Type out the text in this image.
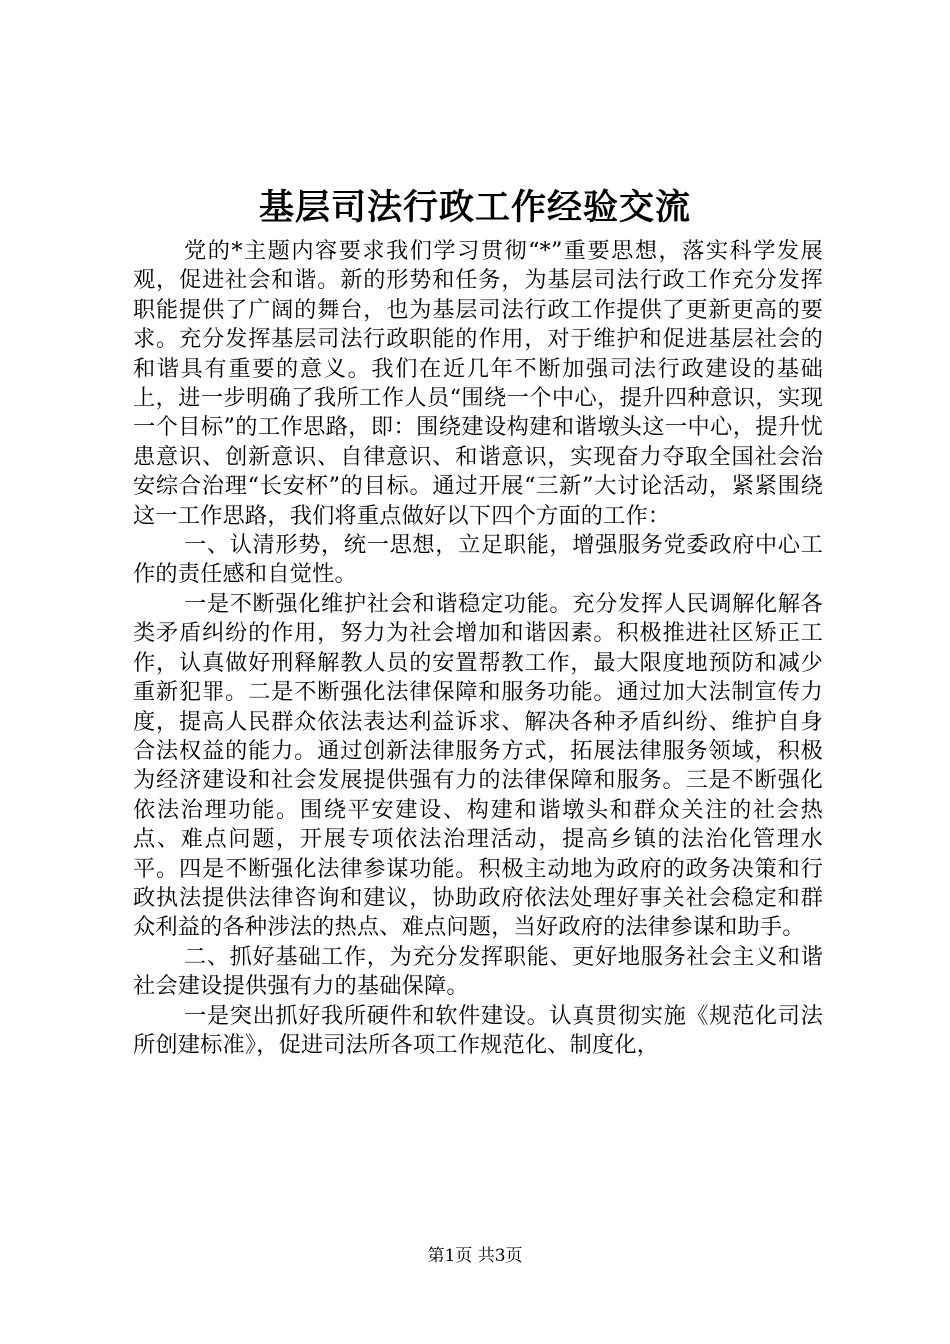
基层司法行政工作经验交流

党的*主题内容要求我们学习贯彻“*”重要思想，落实科学发展观，促进社会和谐。新的形势和任务，为基层司法行政工作充分发挥职能提供了广阔的舞台，也为基层司法行政工作提供了更新更高的要求。充分发挥基层司法行政职能的作用，对于维护和促进基层社会的和谐具有重要的意义。我们在近几年不断加强司法行政建设的基础上，进一步明确了我所工作人员“围绕一个中心，提升四种意识，实现一个目标”的工作思路，即：围绕建设构建和谐墩头这一中心，提升忧患意识、创新意识、自律意识、和谐意识，实现奋力夺取全国社会治安综合治理“长安杯”的目标。通过开展“三新”大讨论活动，紧紧围绕这一工作思路，我们将重点做好以下四个方面的工作：

一、认清形势，统一思想，立足职能，增强服务党委政府中心工作的责任感和自觉性。

一是不断强化维护社会和谐稳定功能。充分发挥人民调解化解各类矛盾纠纷的作用，努力为社会增加和谐因素。积极推进社区矫正工作，认真做好刑释解教人员的安置帮教工作，最大限度地预防和减少重新犯罪。二是不断强化法律保障和服务功能。通过加大法制宣传力度，提高人民群众依法表达利益诉求、解决各种矛盾纠纷、维护自身合法权益的能力。通过创新法律服务方式，拓展法律服务领域，积极为经济建设和社会发展提供强有力的法律保障和服务。三是不断强化依法治理功能。围绕平安建设、构建和谐墩头和群众关注的社会热点、难点问题，开展专项依法治理活动，提高乡镇的法治化管理水平。四是不断强化法律参谋功能。积极主动地为政府的政务决策和行政执法提供法律咨询和建议，协助政府依法处理好事关社会稳定和群众利益的各种涉法的热点、难点问题，当好政府的法律参谋和助手。

二、抓好基础工作，为充分发挥职能、更好地服务社会主义和谐社会建设提供强有力的基础保障。

一是突出抓好我所硬件和软件建设。认真贯彻实施《规范化司法所创建标准》，促进司法所各项工作规范化、制度化，

第1页 共3页
